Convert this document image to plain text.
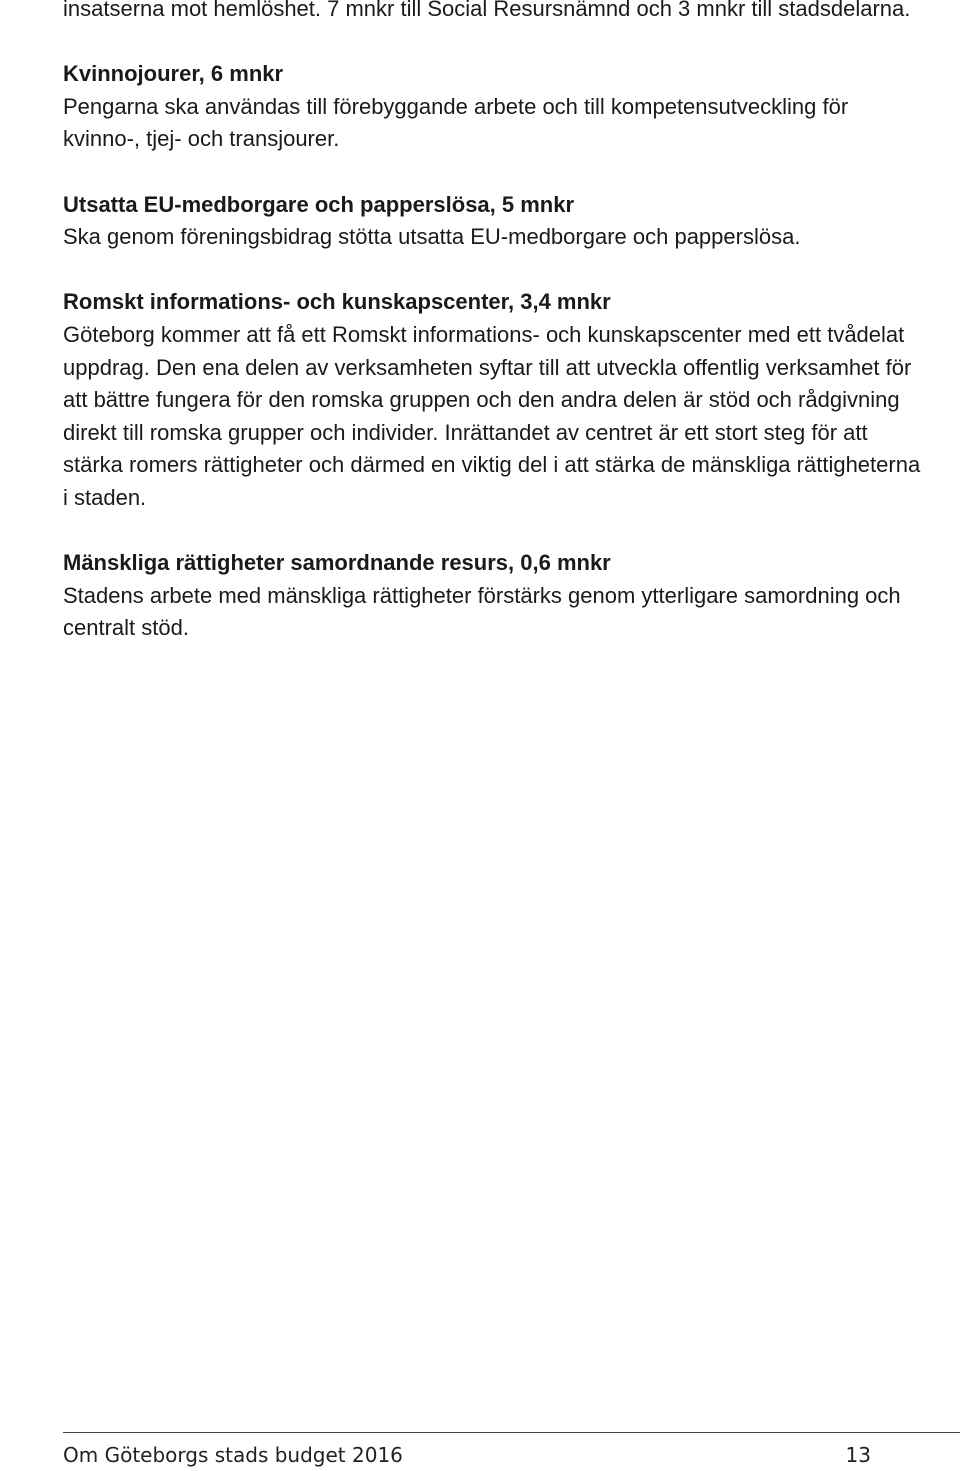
insatserna mot hemlöshet. 7 mnkr till Social Resursnämnd och 3 mnkr till stadsdelarna.

Kvinnojourer, 6 mnkr
Pengarna ska användas till förebyggande arbete och till kompetensutveckling för kvinno-, tjej- och transjourer.

Utsatta EU-medborgare och papperslösa, 5 mnkr
Ska genom föreningsbidrag stötta utsatta EU-medborgare och papperslösa.

Romskt informations- och kunskapscenter, 3,4 mnkr
Göteborg kommer att få ett Romskt informations- och kunskapscenter med ett tvådelat uppdrag. Den ena delen av verksamheten syftar till att utveckla offentlig verksamhet för att bättre fungera för den romska gruppen och den andra delen är stöd och rådgivning direkt till romska grupper och individer. Inrättandet av centret är ett stort steg för att stärka romers rättigheter och därmed en viktig del i att stärka de mänskliga rättigheterna i staden.

Mänskliga rättigheter samordnande resurs, 0,6 mnkr
Stadens arbete med mänskliga rättigheter förstärks genom ytterligare samordning och centralt stöd.

Om Göteborgs stads budget 2016	13
